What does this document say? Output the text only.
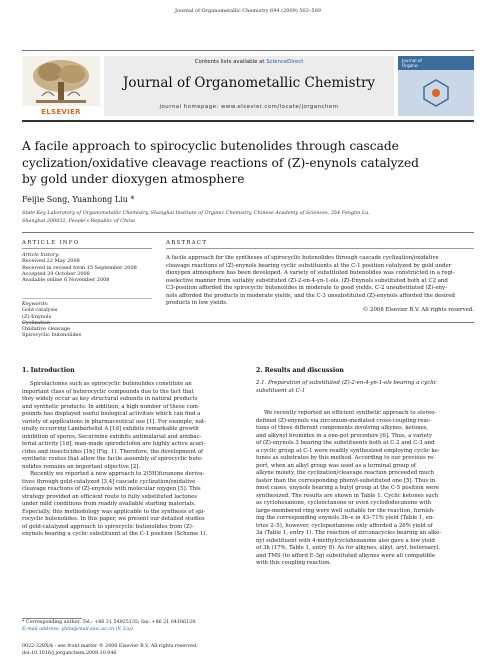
Journal of Organometallic Chemistry 694 (2009) 502–509
ELSEVIER
Contents lists available at ScienceDirect
Journal of Organometallic Chemistry
journal homepage: www.elsevier.com/locate/jorganchem
Journal of
Organo-
A facile approach to spirocyclic butenolides through cascade
cyclization/oxidative cleavage reactions of (Z)-enynols catalyzed
by gold under dioxygen atmosphere
Feijie Song, Yuanhong Liu *
State Key Laboratory of Organometallic Chemistry, Shanghai Institute of Organic Chemistry, Chinese Academy of Sciences, 354 Fenglin Lu,
Shanghai 200032, People's Republic of China
ARTICLE INFO	ABSTRACT
Article history:
Received 22 May 2008
Received in revised form 15 September 2008
Accepted 29 October 2008
Available online 6 November 2008
Keywords:
Gold catalysis
(Z)-Enynols
Cyclization
Oxidative cleavage
Spirocyclic butenolides
A facile approach for the syntheses of spirocyclic butenolides through cascade cyclization/oxidative
cleavage reactions of (Z)-enynols bearing cyclic substituents at the C-1 position catalyzed by gold under
dioxygen atmosphere has been developed. A variety of substituted butenolides was constructed in a regi-
oselective manner from suitably substituted (Z)-2-en-4-yn-1-ols. (Z)-Enynols substituted both at C2 and
C3-position afforded the spirocyclic butenolides in moderate to good yields. C-2 unsubstituted (Z)-eny-
nols afforded the products in moderate yields, and the C-3 unsubstituted (Z)-enynols afforded the desired
products in low yields.
© 2008 Elsevier B.V. All rights reserved.
1. Introduction
Spirolactones such as spirocyclic butenolides constitute an
important class of heterocyclic compounds due to the fact that
they widely occur as key structural subunits in natural products
and synthetic products. In addition, a high number of these com-
pounds has displayed useful biological activities which can find a
variety of applications in pharmaceutical use [1]. For example, nat-
urally occurring Lambertellol A [1d] exhibits remarkable growth
inhibition of spores, Securinine exhibits antimalarial and antibac-
terial activity [1d], man-made spirodiclofen are highly active acari-
cides and insecticides [1h] (Fig. 1). Therefore, the development of
synthetic routes that allow the facile assembly of spirocyclic bute-
nolides remains an important objective [2].
Recently we reported a new approach to 2(5H)furanone deriva-
tives through gold-catalyzed [3,4] cascade cyclization/oxidative
cleavage reactions of (Z)-enynols with molecular oxygen [5]. This
strategy provided an efficient route to fully substituted lactones
under mild conditions from readily available starting materials.
Especially, this methodology was applicable to the synthesis of spi-
rocyclic butenolides. In this paper, we present our detailed studies
of gold-catalyzed approach to spirocyclic butenolides from (Z)-
enynols bearing a cyclic substituent at the C-1 position (Scheme 1).
2. Results and discussion
2.1. Preparation of substituted (Z)-2-en-4-yn-1-ols bearing a cyclic
substituent at C-1
We recently reported an efficient synthetic approach to stereo-
defined (Z)-enynols via zirconium-mediated cross-coupling reac-
tions of three different components involving alkynes, ketones,
and alkynyl bromides in a one-pot procedure [6]. Thus, a variety
of (Z)-enynols 3 bearing the substituents both at C-2 and C-3 and
a cyclic group at C-1 were readily synthesized employing cyclic ke-
tones as substrates by this method. According to our previous re-
port, when an alkyl group was used as a terminal group of
alkyne moiety, the cyclization/cleavage reaction proceeded much
faster than the corresponding phenyl-substituted one [5]. Thus in
most cases, enynols bearing a butyl group at the C-5 position were
synthesized. The results are shown in Table 1. Cyclic ketones such
as cyclohexanone, cyclooctanone or even cyclododecanone with
large-membered ring were well suitable for the reaction, furnish-
ing the corresponding enynols 3b–e in 43–71% yield (Table 1, en-
tries 2–5), however, cyclopentanone only afforded a 26% yield of
3a (Table 1, entry 1). The reaction of zirconacycles bearing an alke-
nyl substituent with 4-methylcyclohexanone also gave a low yield
of 3h (17%, Table 1, entry 8). As for alkynes, alkyl, aryl, heteroaryl,
and TMS (to afford E-3g) substituted alkynes were all compatible
with this coupling reaction.
* Corresponding author. Tel.: +86 21 54925135; fax: +86 21 64166128.
E-mail address: yhliu@mail.sioc.ac.cn (Y. Liu).
0022-328X/$ - see front matter © 2008 Elsevier B.V. All rights reserved.
doi:10.1016/j.jorganchem.2008.10.046
